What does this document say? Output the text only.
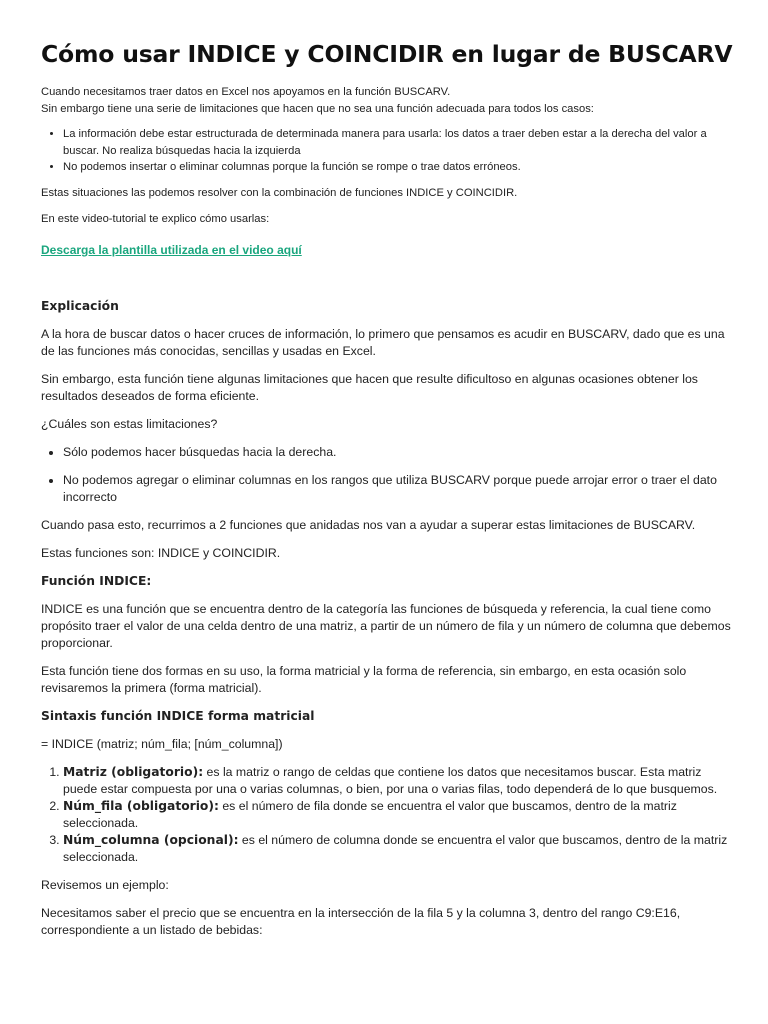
Cómo usar INDICE y COINCIDIR en lugar de BUSCARV

Cuando necesitamos traer datos en Excel nos apoyamos en la función BUSCARV.

Sin embargo tiene una serie de limitaciones que hacen que no sea una función adecuada para todos los casos:

• La información debe estar estructurada de determinada manera para usarla: los datos a traer deben estar a la derecha del valor a buscar. No realiza búsquedas hacia la izquierda
• No podemos insertar o eliminar columnas porque la función se rompe o trae datos erróneos.

Estas situaciones las podemos resolver con la combinación de funciones INDICE y COINCIDIR.

En este video-tutorial te explico cómo usarlas:

Descarga la plantilla utilizada en el video aquí
Explicación

A la hora de buscar datos o hacer cruces de información, lo primero que pensamos es acudir en BUSCARV, dado que es una de las funciones más conocidas, sencillas y usadas en Excel.

Sin embargo, esta función tiene algunas limitaciones que hacen que resulte dificultoso en algunas ocasiones obtener los resultados deseados de forma eficiente.

¿Cuáles son estas limitaciones?

• Sólo podemos hacer búsquedas hacia la derecha.
• No podemos agregar o eliminar columnas en los rangos que utiliza BUSCARV porque puede arrojar error o traer el dato incorrecto

Cuando pasa esto, recurrimos a 2 funciones que anidadas nos van a ayudar a superar estas limitaciones de BUSCARV.

Estas funciones son: INDICE y COINCIDIR.

Función INDICE:

INDICE es una función que se encuentra dentro de la categoría las funciones de búsqueda y referencia, la cual tiene como propósito traer el valor de una celda dentro de una matriz, a partir de un número de fila y un número de columna que debemos proporcionar.

Esta función tiene dos formas en su uso, la forma matricial y la forma de referencia, sin embargo, en esta ocasión solo revisaremos la primera (forma matricial).

Sintaxis función INDICE forma matricial

= INDICE (matriz; núm_fila; [núm_columna])

1. Matriz (obligatorio): es la matriz o rango de celdas que contiene los datos que necesitamos buscar. Esta matriz puede estar compuesta por una o varias columnas, o bien, por una o varias filas, todo dependerá de lo que busquemos.
2. Núm_fila (obligatorio): es el número de fila donde se encuentra el valor que buscamos, dentro de la matriz seleccionada.
3. Núm_columna (opcional): es el número de columna donde se encuentra el valor que buscamos, dentro de la matriz seleccionada.

Revisemos un ejemplo:

Necesitamos saber el precio que se encuentra en la intersección de la fila 5 y la columna 3, dentro del rango C9:E16, correspondiente a un listado de bebidas:
